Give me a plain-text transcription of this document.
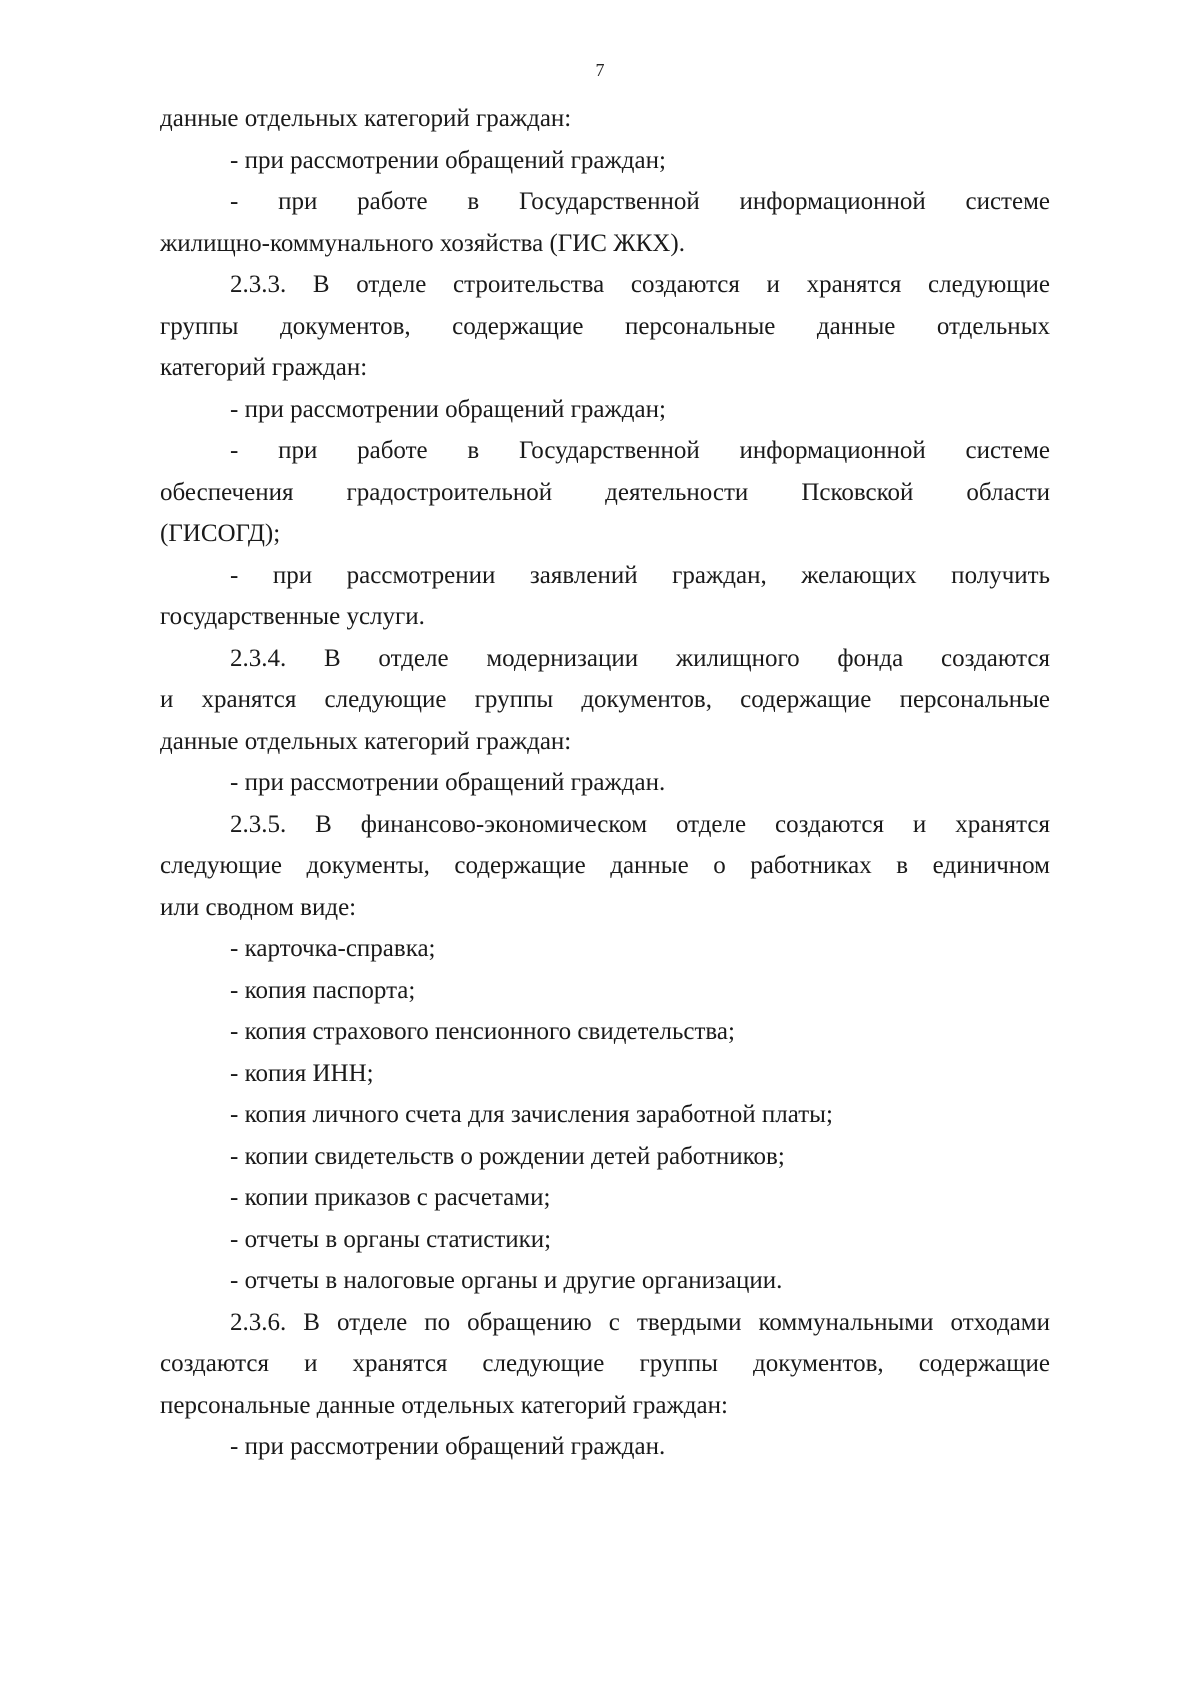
7
данные отдельных категорий граждан:
- при рассмотрении обращений граждан;
- при работе в Государственной информационной системе
жилищно-коммунального хозяйства (ГИС ЖКХ).
2.3.3. В отделе строительства создаются и хранятся следующие
группы документов, содержащие персональные данные отдельных
категорий граждан:
- при рассмотрении обращений граждан;
- при работе в Государственной информационной системе
обеспечения градостроительной деятельности Псковской области
(ГИСОГД);
- при рассмотрении заявлений граждан, желающих получить
государственные услуги.
2.3.4. В отделе модернизации жилищного фонда создаются
и хранятся следующие группы документов, содержащие персональные
данные отдельных категорий граждан:
- при рассмотрении обращений граждан.
2.3.5. В финансово-экономическом отделе создаются и хранятся
следующие документы, содержащие данные о работниках в единичном
или сводном виде:
- карточка-справка;
- копия паспорта;
- копия страхового пенсионного свидетельства;
- копия ИНН;
- копия личного счета для зачисления заработной платы;
- копии свидетельств о рождении детей работников;
- копии приказов с расчетами;
- отчеты в органы статистики;
- отчеты в налоговые органы и другие организации.
2.3.6. В отделе по обращению с твердыми коммунальными отходами
создаются и хранятся следующие группы документов, содержащие
персональные данные отдельных категорий граждан:
- при рассмотрении обращений граждан.
